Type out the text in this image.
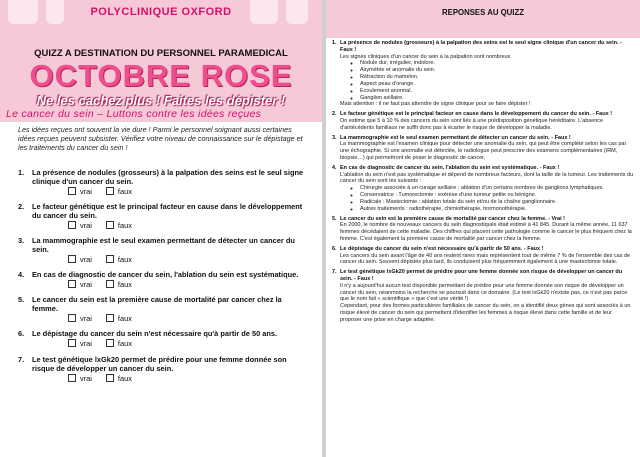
POLYCLINIQUE OXFORD
QUIZZ A DESTINATION DU PERSONNEL PARAMEDICAL
OCTOBRE ROSE
Ne les cachez plus ! Faites les dépister !
Le cancer du sein – Luttons contre les idées reçues
Les idées reçues ont souvent la vie dure ! Parmi le personnel soignant aussi certaines idées reçues peuvent subsister. Vérifiez votre niveau de connaissance sur le dépistage et les traitements du cancer du sein !
1.	La présence de nodules (grosseurs) à la palpation des seins est le seul signe clinique d'un cancer du sein.
vrai	faux
2.	Le facteur génétique est le principal facteur en cause dans le développement du cancer du sein.
vrai	faux
3.	La mammographie est le seul examen permettant de détecter un cancer du sein.
vrai	faux
4.	En cas de diagnostic de cancer du sein, l'ablation du sein est systématique.
vrai	faux
5.	Le cancer du sein est la première cause de mortalité par cancer chez la femme.
vrai	faux
6.	Le dépistage du cancer du sein n'est nécessaire qu'à partir de 50 ans.
vrai	faux
7.	Le test génétique lxGk20 permet de prédire pour une femme donnée son risque de développer un cancer du sein.
vrai	faux
REPONSES AU QUIZZ
1. La présence de nodules (grosseurs) à la palpation des seins est le seul signe clinique d'un cancer du sein. - Faux !

Les signes cliniques d'un cancer du sein à la palpation sont nombreux

◦ Nodule dur, irrégulier, indolore.
◦ Asymétrie et anomalie du sein.
◦ Rétraction du mamelon.
◦ Aspect peau d'orange.
◦ Ecoulement anormal.
◦ Ganglion axillaire.

Mais attention : il ne faut pas attendre de signe clinique pour se faire dépister !

2. Le facteur génétique est le principal facteur en cause dans le développement du cancer du sein. - Faux !

On estime que 5 à 10 % des cancers du sein sont liés à une prédisposition génétique héréditaire. L'absence d'antécédents familiaux ne suffit donc pas à écarter le risque de développer la maladie.

3. La mammographie est le seul examen permettant de détecter un cancer du sein. - Faux !

La mammographie est l'examen clinique pour détecter une anomalie du sein, qui peut être complété selon les cas par une échographie. Si une anomalie est détectée, le radiologue peut prescrire des examens complémentaires (IRM, biopsie…) qui permettront de poser le diagnostic de cancer.

4. En cas de diagnostic de cancer du sein, l'ablation du sein est systématique. - Faux !

L'ablation du sein n'est pas systématique et dépend de nombreux facteurs, dont la taille de la tumeur. Les traitements du cancer du sein sont les suivants :

◦ Chirurgie associée à un curage axillaire : ablation d'un certains nombres de ganglions lymphatiques.
◦ Conservatrice : Tumorectomie : exérèse d'une tumeur petite ou bénigne.
◦ Radicale : Mastectomie : ablation totale du sein et/ou de la chaîne ganglionnaire.
◦ Autres traitements : radiothérapie, chimiothérapie, hormonothérapie.
5. Le cancer du sein est la première cause de mortalité par cancer chez la femme. - Vrai !

En 2000, le nombre de nouveaux cancers du sein diagnostiqués était estimé à 41 845. Durant la même année, 11 637 femmes décédaient de cette maladie. Des chiffres qui placent cette pathologie comme le cancer le plus fréquent chez la femme. C'est également la première cause de mortalité par cancer chez la femme.

6. Le dépistage du cancer du sein n'est nécessaire qu'à partir de 50 ans. - Faux !

Les cancers du sein avant l'âge de 40 ans restent rares mais représentent tout de même 7 % de l'ensemble des cas de cancer du sein. Souvent dépistés plus tard, ils conduisent plus fréquemment également à une mastectomie totale.

7. Le test génétique lxGk20 permet de prédire pour une femme donnée son risque de développer un cancer du sein. - Faux !

Il n'y a aujourd'hui aucun test disponible permettant de prédire pour une femme donnée son risque de développer un cancer du sein, néanmoins la recherche se poursuit dans ce domaine. (Le test lxGk20 n'existe pas, ce n'est pas parce que le nom fait « scientifique » que c'est une vérité !)

Cependant, pour des formes particulières familiales de cancer du sein, on a identifié deux gènes qui sont associés à un risque élevé de cancer du sein qui permettent d'identifier les femmes à risque élevé dans cette famille et de leur proposer une prise en charge adaptée.
